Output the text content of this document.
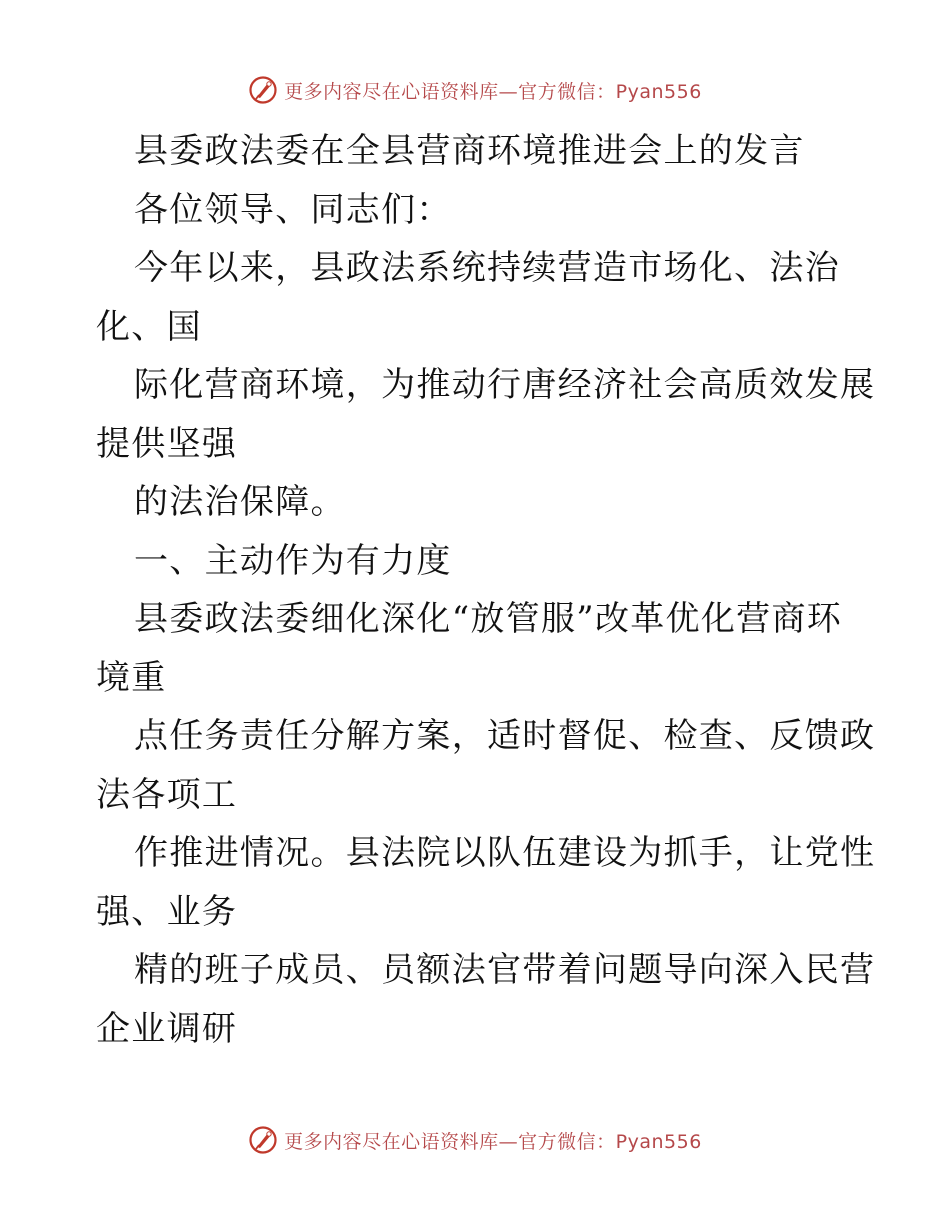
更多内容尽在心语资料库—官方微信：Pyan556
县委政法委在全县营商环境推进会上的发言
各位领导、同志们：
今年以来，县政法系统持续营造市场化、法治
化、国
际化营商环境，为推动行唐经济社会高质效发展
提供坚强
的法治保障。
一、主动作为有力度
县委政法委细化深化“放管服”改革优化营商环
境重
点任务责任分解方案，适时督促、检查、反馈政
法各项工
作推进情况。县法院以队伍建设为抓手，让党性
强、业务
精的班子成员、员额法官带着问题导向深入民营
企业调研
更多内容尽在心语资料库—官方微信：Pyan556
